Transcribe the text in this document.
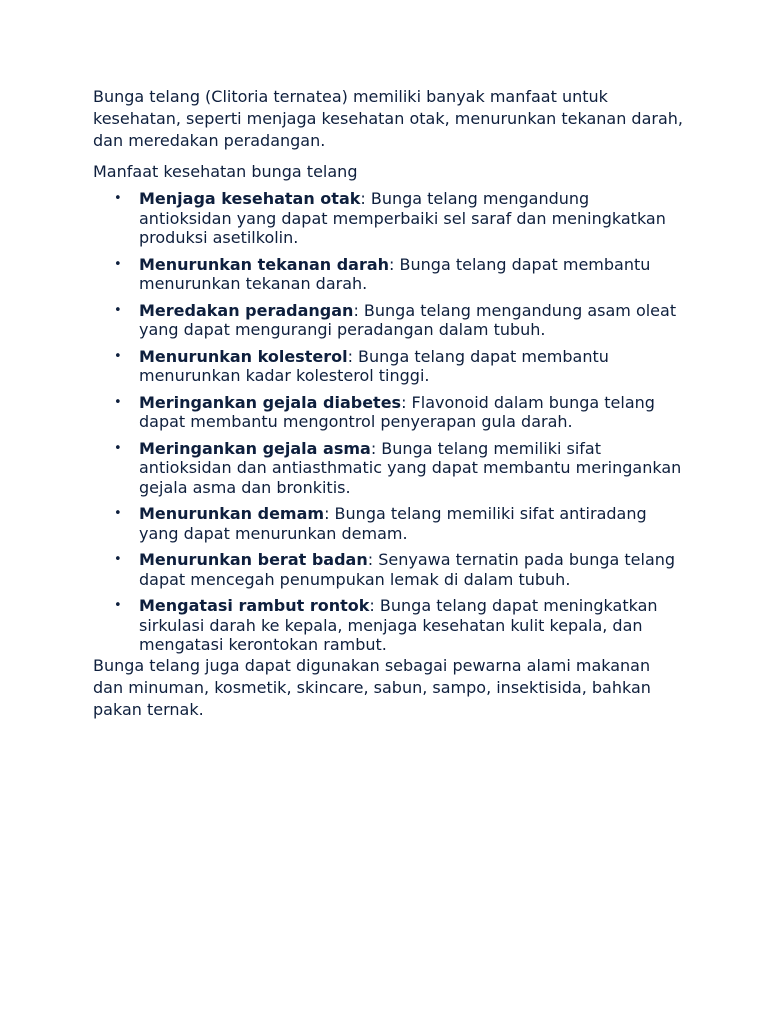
Bunga telang (Clitoria ternatea) memiliki banyak manfaat untuk kesehatan, seperti menjaga kesehatan otak, menurunkan tekanan darah, dan meredakan peradangan.

Manfaat kesehatan bunga telang

• Menjaga kesehatan otak: Bunga telang mengandung antioksidan yang dapat memperbaiki sel saraf dan meningkatkan produksi asetilkolin.
• Menurunkan tekanan darah: Bunga telang dapat membantu menurunkan tekanan darah.
• Meredakan peradangan: Bunga telang mengandung asam oleat yang dapat mengurangi peradangan dalam tubuh.
• Menurunkan kolesterol: Bunga telang dapat membantu menurunkan kadar kolesterol tinggi.
• Meringankan gejala diabetes: Flavonoid dalam bunga telang dapat membantu mengontrol penyerapan gula darah.
• Meringankan gejala asma: Bunga telang memiliki sifat antioksidan dan antiasthmatic yang dapat membantu meringankan gejala asma dan bronkitis.
• Menurunkan demam: Bunga telang memiliki sifat antiradang yang dapat menurunkan demam.
• Menurunkan berat badan: Senyawa ternatin pada bunga telang dapat mencegah penumpukan lemak di dalam tubuh.
• Mengatasi rambut rontok: Bunga telang dapat meningkatkan sirkulasi darah ke kepala, menjaga kesehatan kulit kepala, dan mengatasi kerontokan rambut.

Bunga telang juga dapat digunakan sebagai pewarna alami makanan dan minuman, kosmetik, skincare, sabun, sampo, insektisida, bahkan pakan ternak.
